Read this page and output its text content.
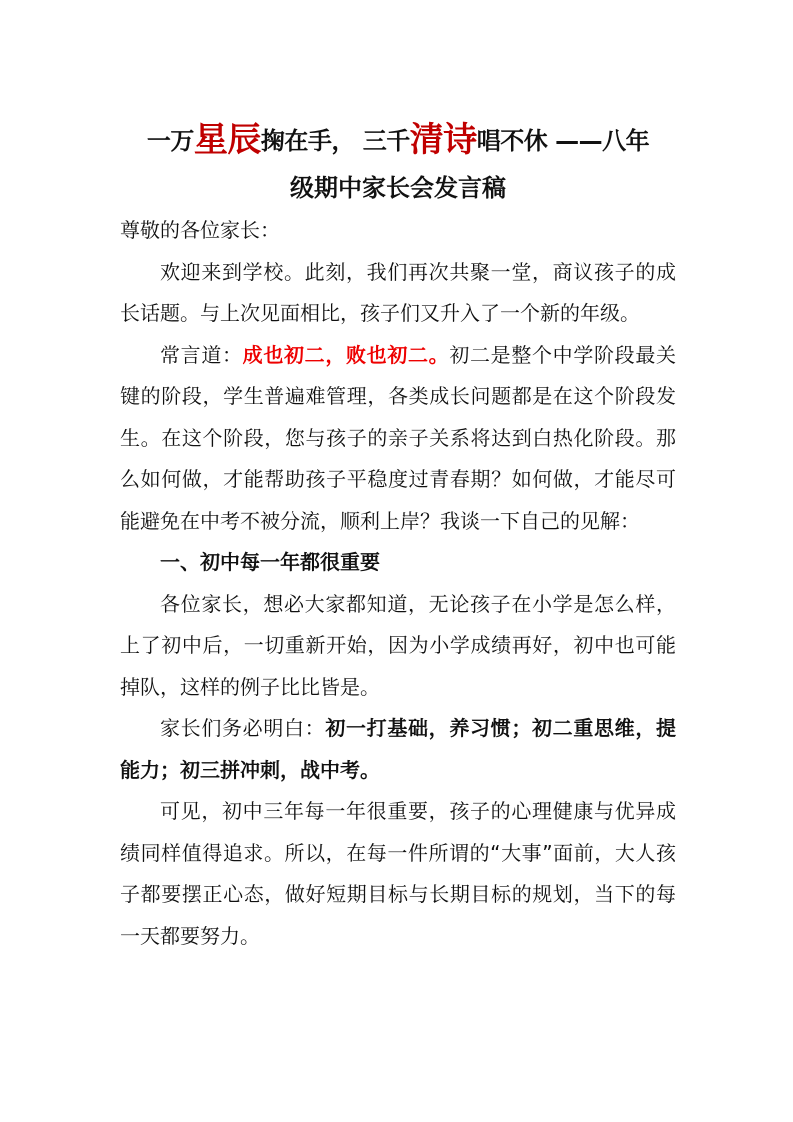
一万星辰掬在手， 三千清诗唱不休 ——八年
级期中家长会发言稿

尊敬的各位家长：

欢迎来到学校。此刻，我们再次共聚一堂，商议孩子的成长话题。与上次见面相比，孩子们又升入了一个新的年级。

常言道：成也初二，败也初二。初二是整个中学阶段最关键的阶段，学生普遍难管理，各类成长问题都是在这个阶段发生。在这个阶段，您与孩子的亲子关系将达到白热化阶段。那么如何做，才能帮助孩子平稳度过青春期？如何做，才能尽可能避免在中考不被分流，顺利上岸？我谈一下自己的见解：

一、初中每一年都很重要

各位家长，想必大家都知道，无论孩子在小学是怎么样，上了初中后，一切重新开始，因为小学成绩再好，初中也可能掉队，这样的例子比比皆是。

家长们务必明白：初一打基础，养习惯；初二重思维，提能力；初三拼冲刺，战中考。

可见，初中三年每一年很重要，孩子的心理健康与优异成绩同样值得追求。所以，在每一件所谓的“大事”面前，大人孩子都要摆正心态，做好短期目标与长期目标的规划，当下的每一天都要努力。
